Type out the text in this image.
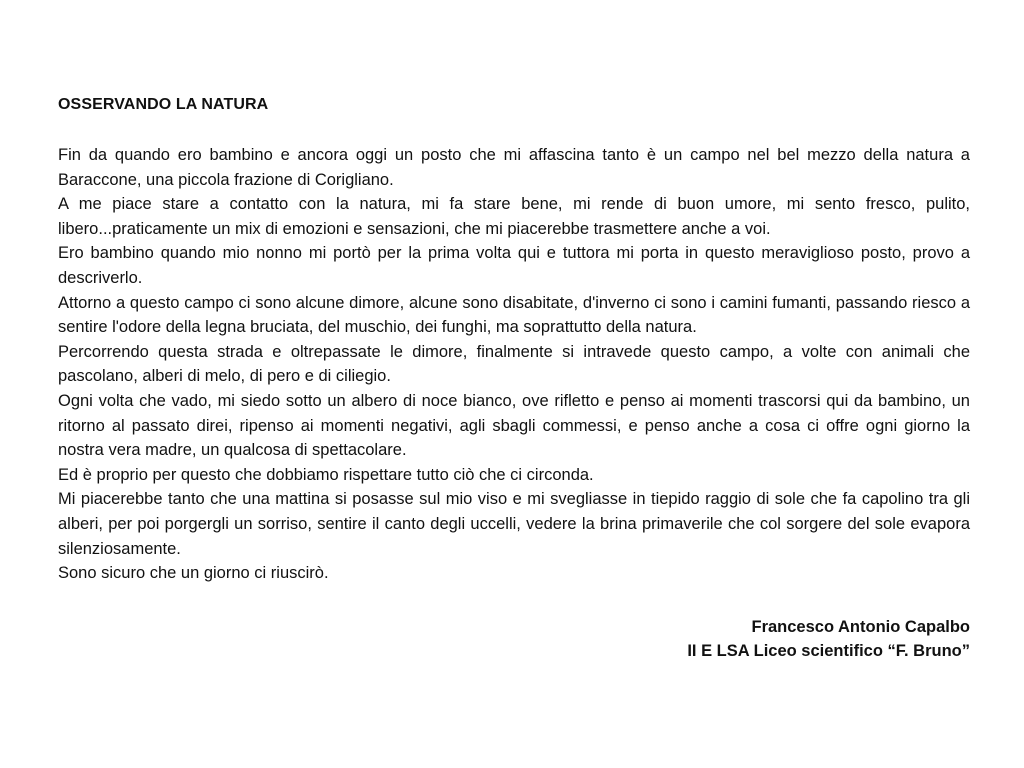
OSSERVANDO LA NATURA

Fin da quando ero bambino e ancora oggi un posto che mi affascina tanto è un campo nel bel mezzo della natura a Baraccone, una piccola frazione di Corigliano.

A me piace stare a contatto con la natura, mi fa stare bene, mi rende di buon umore, mi sento fresco, pulito, libero...praticamente un mix di emozioni e sensazioni, che mi piacerebbe trasmettere anche a voi.

Ero bambino quando mio nonno mi portò per la prima volta qui e tuttora mi porta in questo meraviglioso posto, provo a descriverlo.

Attorno a questo campo ci sono alcune dimore, alcune sono disabitate, d'inverno ci sono i camini fumanti, passando riesco a sentire l'odore della legna bruciata, del muschio, dei funghi, ma soprattutto della natura.

Percorrendo questa strada e oltrepassate le dimore, finalmente si intravede questo campo, a volte con animali che pascolano, alberi di melo, di pero e di ciliegio.

Ogni volta che vado, mi siedo sotto un albero di noce bianco, ove rifletto e penso ai momenti trascorsi qui da bambino, un ritorno al passato direi, ripenso ai momenti negativi, agli sbagli commessi, e penso anche a cosa ci offre ogni giorno la nostra vera madre, un qualcosa di spettacolare.

Ed è proprio per questo che dobbiamo rispettare tutto ciò che ci circonda.

Mi piacerebbe tanto che una mattina si posasse sul mio viso e mi svegliasse in tiepido raggio di sole che fa capolino tra gli alberi, per poi porgergli un sorriso, sentire il canto degli uccelli, vedere la brina primaverile che col sorgere del sole evapora silenziosamente.

Sono sicuro che un giorno ci riuscirò.

Francesco Antonio Capalbo
II E LSA Liceo scientifico “F. Bruno”
